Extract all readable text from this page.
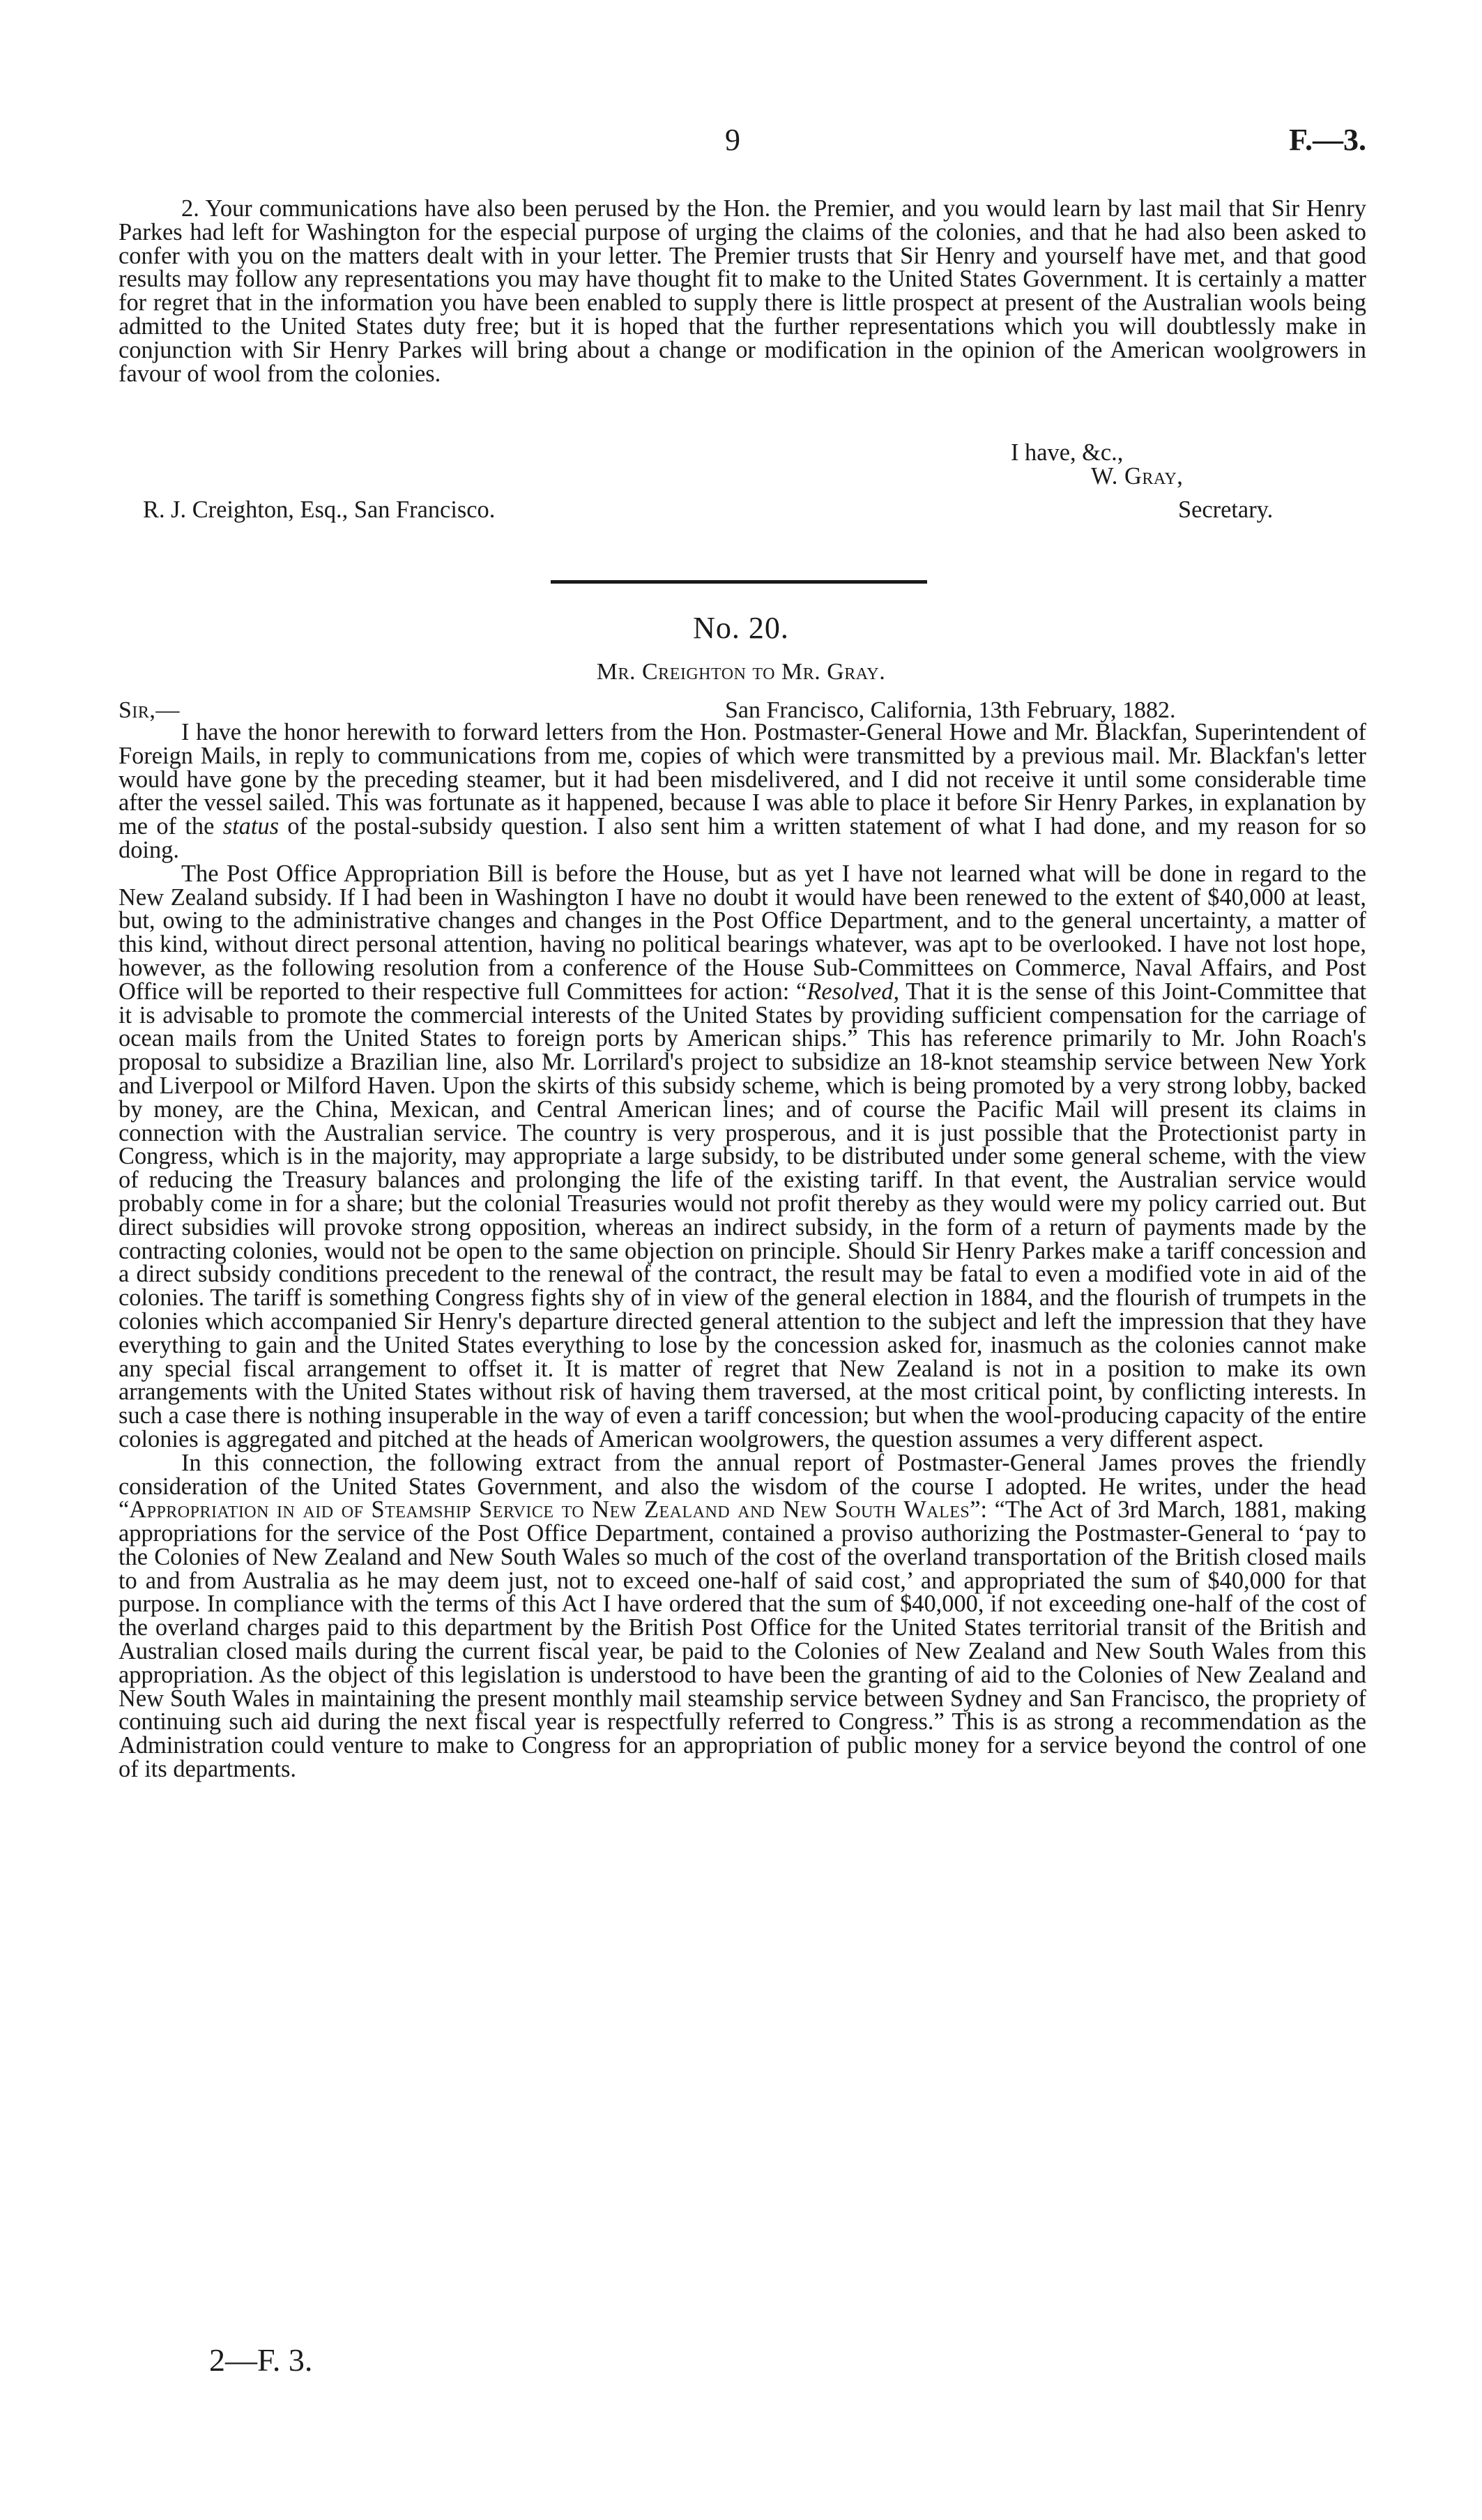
9	F.—3.

2. Your communications have also been perused by the Hon. the Premier, and you would learn by last mail that Sir Henry Parkes had left for Washington for the especial purpose of urging the claims of the colonies, and that he had also been asked to confer with you on the matters dealt with in your letter. The Premier trusts that Sir Henry and yourself have met, and that good results may follow any representations you may have thought fit to make to the United States Government. It is certainly a matter for regret that in the information you have been enabled to supply there is little prospect at present of the Australian wools being admitted to the United States duty free; but it is hoped that the further representations which you will doubtlessly make in conjunction with Sir Henry Parkes will bring about a change or modification in the opinion of the American woolgrowers in favour of wool from the colonies.

I have, &c.,
W. Gray,
R. J. Creighton, Esq., San Francisco.	Secretary.
No. 20.
Mr. Creighton to Mr. Gray.
Sir,—	San Francisco, California, 13th February, 1882.

I have the honor herewith to forward letters from the Hon. Postmaster-General Howe and Mr. Blackfan, Superintendent of Foreign Mails, in reply to communications from me, copies of which were transmitted by a previous mail. Mr. Blackfan's letter would have gone by the preceding steamer, but it had been misdelivered, and I did not receive it until some considerable time after the vessel sailed. This was fortunate as it happened, because I was able to place it before Sir Henry Parkes, in explanation by me of the status of the postal-subsidy question. I also sent him a written statement of what I had done, and my reason for so doing.

The Post Office Appropriation Bill is before the House, but as yet I have not learned what will be done in regard to the New Zealand subsidy. If I had been in Washington I have no doubt it would have been renewed to the extent of $40,000 at least, but, owing to the administrative changes and changes in the Post Office Department, and to the general uncertainty, a matter of this kind, without direct personal attention, having no political bearings whatever, was apt to be overlooked. I have not lost hope, however, as the following resolution from a conference of the House Sub-Committees on Commerce, Naval Affairs, and Post Office will be reported to their respective full Committees for action: “Resolved, That it is the sense of this Joint-Committee that it is advisable to promote the commercial interests of the United States by providing sufficient compensation for the carriage of ocean mails from the United States to foreign ports by American ships.” This has reference primarily to Mr. John Roach's proposal to subsidize a Brazilian line, also Mr. Lorrilard's project to subsidize an 18-knot steamship service between New York and Liverpool or Milford Haven. Upon the skirts of this subsidy scheme, which is being promoted by a very strong lobby, backed by money, are the China, Mexican, and Central American lines; and of course the Pacific Mail will present its claims in connection with the Australian service. The country is very prosperous, and it is just possible that the Protectionist party in Congress, which is in the majority, may appropriate a large subsidy, to be distributed under some general scheme, with the view of reducing the Treasury balances and prolonging the life of the existing tariff. In that event, the Australian service would probably come in for a share; but the colonial Treasuries would not profit thereby as they would were my policy carried out. But direct subsidies will provoke strong opposition, whereas an indirect subsidy, in the form of a return of payments made by the contracting colonies, would not be open to the same objection on principle. Should Sir Henry Parkes make a tariff concession and a direct subsidy conditions precedent to the renewal of the contract, the result may be fatal to even a modified vote in aid of the colonies. The tariff is something Congress fights shy of in view of the general election in 1884, and the flourish of trumpets in the colonies which accompanied Sir Henry's departure directed general attention to the subject and left the impression that they have everything to gain and the United States everything to lose by the concession asked for, inasmuch as the colonies cannot make any special fiscal arrangement to offset it. It is matter of regret that New Zealand is not in a position to make its own arrangements with the United States without risk of having them traversed, at the most critical point, by conflicting interests. In such a case there is nothing insuperable in the way of even a tariff concession; but when the wool-producing capacity of the entire colonies is aggregated and pitched at the heads of American woolgrowers, the question assumes a very different aspect.

In this connection, the following extract from the annual report of Postmaster-General James proves the friendly consideration of the United States Government, and also the wisdom of the course I adopted. He writes, under the head “Appropriation in aid of Steamship Service to New Zealand and New South Wales”: “The Act of 3rd March, 1881, making appropriations for the service of the Post Office Department, contained a proviso authorizing the Postmaster-General to ‘pay to the Colonies of New Zealand and New South Wales so much of the cost of the overland transportation of the British closed mails to and from Australia as he may deem just, not to exceed one-half of said cost,’ and appropriated the sum of $40,000 for that purpose. In compliance with the terms of this Act I have ordered that the sum of $40,000, if not exceeding one-half of the cost of the overland charges paid to this department by the British Post Office for the United States territorial transit of the British and Australian closed mails during the current fiscal year, be paid to the Colonies of New Zealand and New South Wales from this appropriation. As the object of this legislation is understood to have been the granting of aid to the Colonies of New Zealand and New South Wales in maintaining the present monthly mail steamship service between Sydney and San Francisco, the propriety of continuing such aid during the next fiscal year is respectfully referred to Congress.” This is as strong a recommendation as the Administration could venture to make to Congress for an appropriation of public money for a service beyond the control of one of its departments.

2—F. 3.
